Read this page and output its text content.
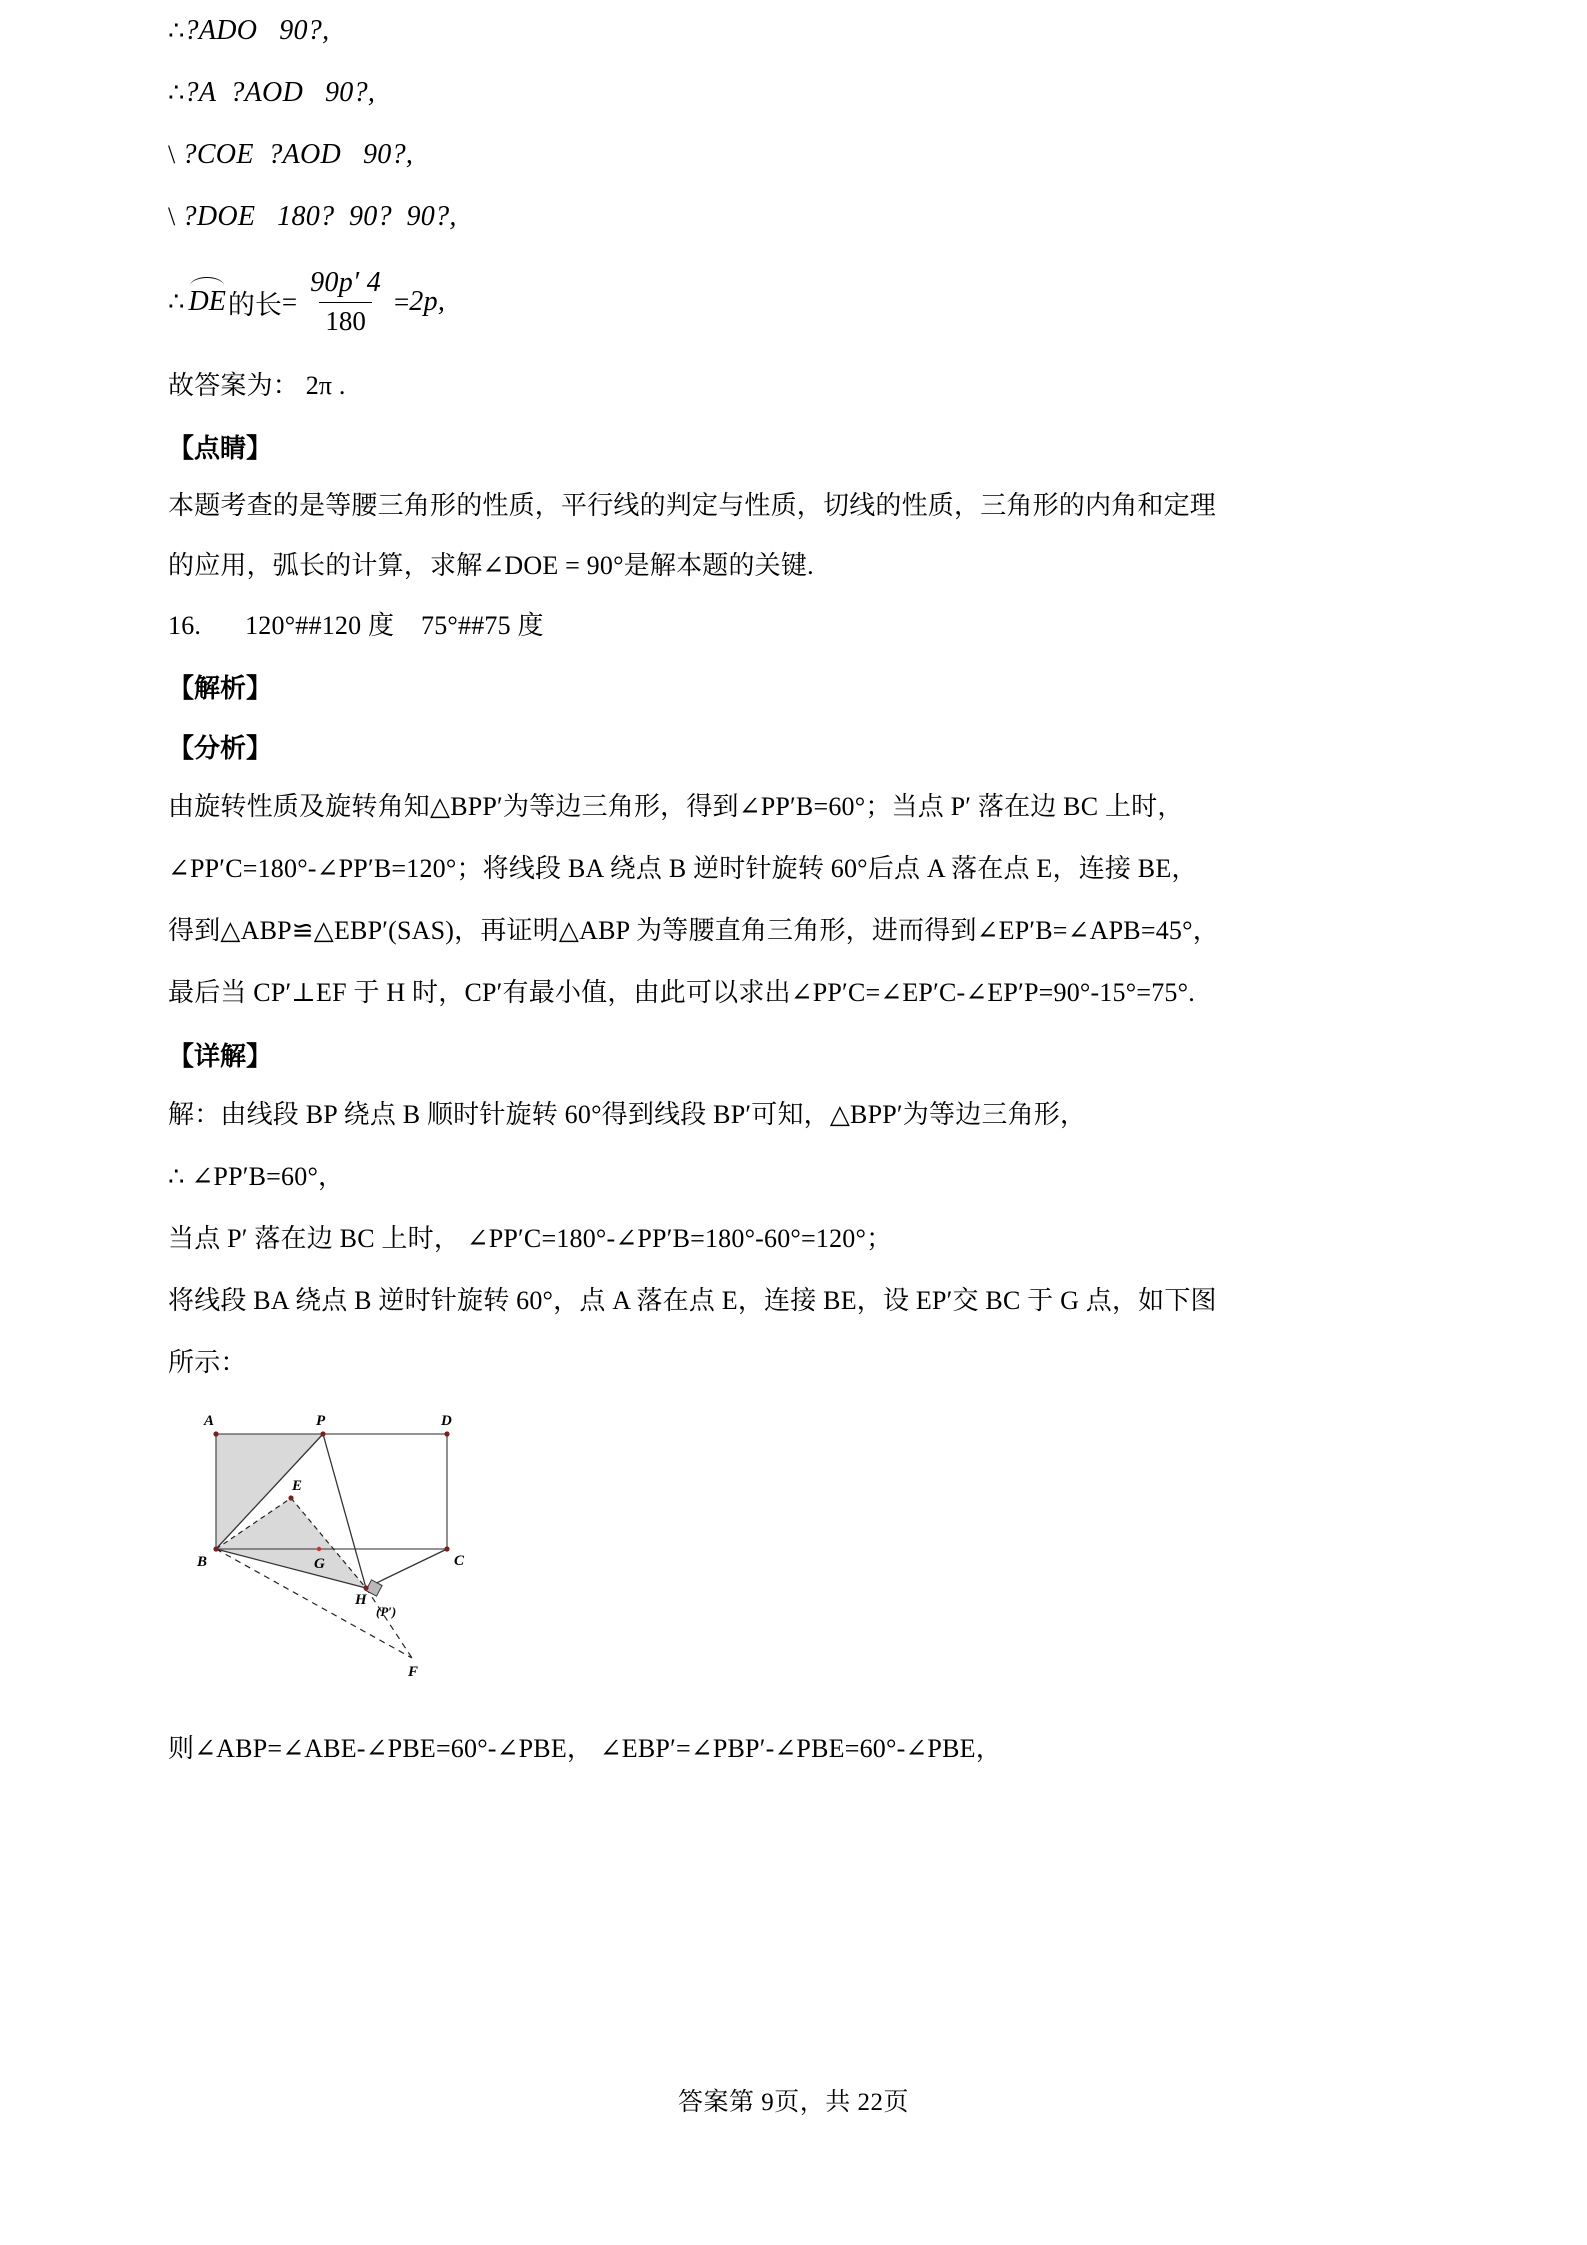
∴ ?ADO   90?,
∴ ?A  ?AOD   90?,
\ ?COE  ?AOD   90?,
\ ?DOE   180?  90?  90?,
∴ DE 的长 = $\frac{90p' 4}{180} = 2p$,
故答案为： 2π .
【点睛】
本题考查的是等腰三角形的性质，平行线的判定与性质，切线的性质，三角形的内角和定理
的应用，弧长的计算，求解∠DOE = 90°是解本题的关键.
16. 120°##120 度    75°##75 度
【解析】
【分析】
由旋转性质及旋转角知△BPP′为等边三角形，得到∠PP′B=60°；当点 P′ 落在边 BC 上时，
∠PP′C=180°-∠PP′B=120°；将线段 BA 绕点 B 逆时针旋转 60°后点 A 落在点 E，连接 BE，
得到△ABP≌△EBP′(SAS)，再证明△ABP 为等腰直角三角形，进而得到∠EP′B=∠APB=45°，
最后当 CP′⊥EF 于 H 时，CP′有最小值，由此可以求出∠PP′C=∠EP′C-∠EP′P=90°-15°=75°.
【详解】
解：由线段 BP 绕点 B 顺时针旋转 60°得到线段 BP′可知，△BPP′为等边三角形，
∴ ∠PP′B=60°，
当点 P′ 落在边 BC 上时， ∠PP′C=180°-∠PP′B=180°-60°=120°；
将线段 BA 绕点 B 逆时针旋转 60°，点 A 落在点 E，连接 BE，设 EP′交 BC 于 G 点，如下图
所示：
A	P	D
E
B	G	C
H
(P′)
F
则∠ABP=∠ABE-∠PBE=60°-∠PBE， ∠EBP′=∠PBP′-∠PBE=60°-∠PBE，
答案第 9页，共 22页
